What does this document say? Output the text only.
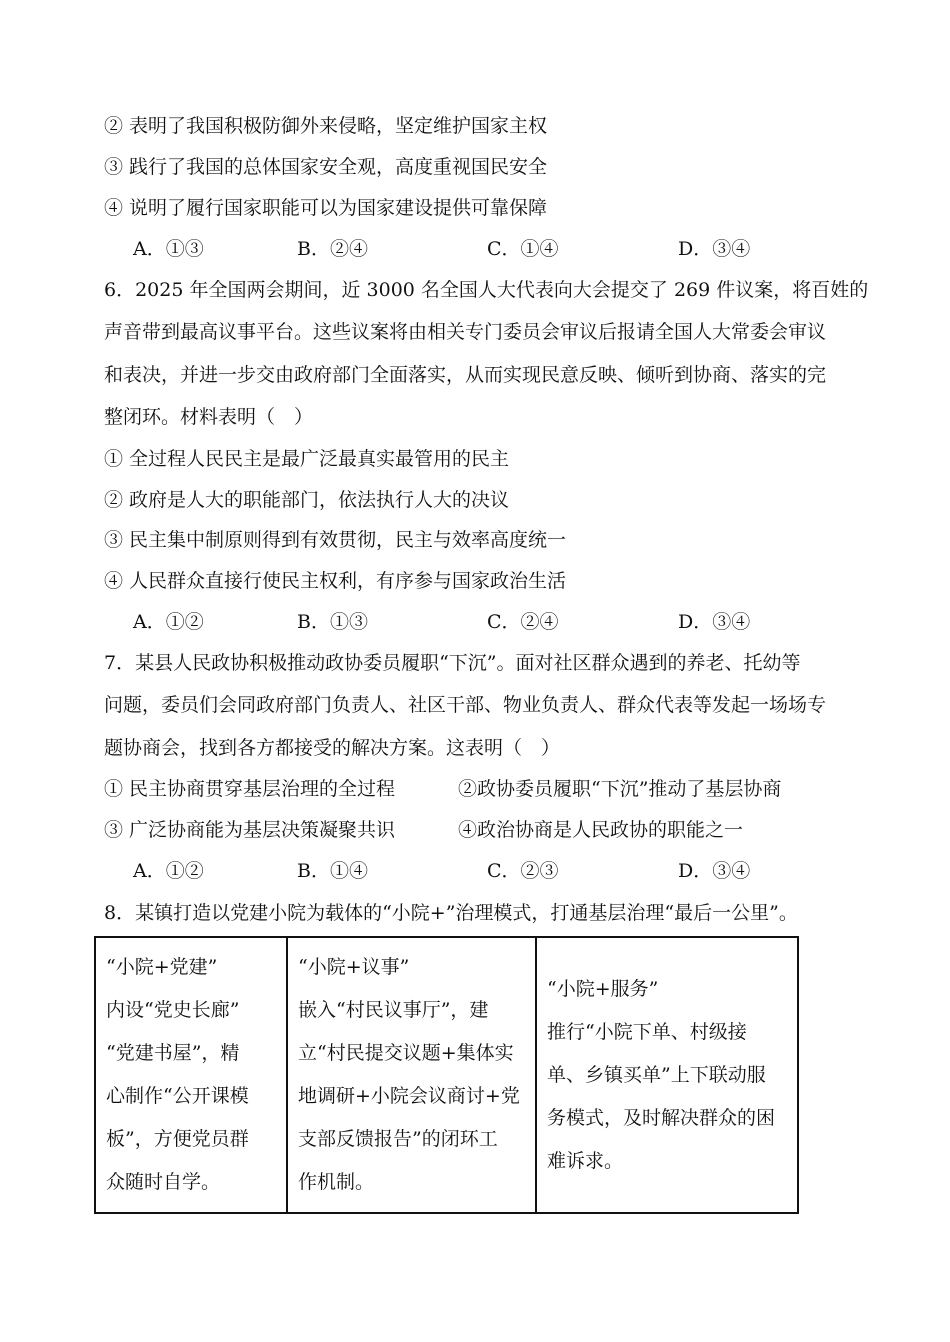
② 表明了我国积极防御外来侵略，坚定维护国家主权
③ 践行了我国的总体国家安全观，高度重视国民安全
④ 说明了履行国家职能可以为国家建设提供可靠保障
A．①③	B．②④	C．①④	D．③④
6．2025 年全国两会期间，近 3000 名全国人大代表向大会提交了 269 件议案，将百姓的
声音带到最高议事平台。这些议案将由相关专门委员会审议后报请全国人大常委会审议
和表决，并进一步交由政府部门全面落实，从而实现民意反映、倾听到协商、落实的完
整闭环。材料表明（　）
① 全过程人民民主是最广泛最真实最管用的民主
② 政府是人大的职能部门，依法执行人大的决议
③ 民主集中制原则得到有效贯彻，民主与效率高度统一
④ 人民群众直接行使民主权利，有序参与国家政治生活
A．①②	B．①③	C．②④	D．③④
7．某县人民政协积极推动政协委员履职“下沉”。面对社区群众遇到的养老、托幼等
问题，委员们会同政府部门负责人、社区干部、物业负责人、群众代表等发起一场场专
题协商会，找到各方都接受的解决方案。这表明（　）
① 民主协商贯穿基层治理的全过程	②政协委员履职“下沉”推动了基层协商
③ 广泛协商能为基层决策凝聚共识	④政治协商是人民政协的职能之一
A．①②	B．①④	C．②③	D．③④
8．某镇打造以党建小院为载体的“小院+”治理模式，打通基层治理“最后一公里”。
“小院+党建”
内设“党史长廊”
“党建书屋”，精
心制作“公开课模
板”，方便党员群
众随时自学。

“小院+议事”
嵌入“村民议事厅”，建
立“村民提交议题+集体实
地调研+小院会议商讨+党
支部反馈报告”的闭环工
作机制。

“小院+服务”
推行“小院下单、村级接
单、乡镇买单”上下联动服
务模式，及时解决群众的困
难诉求。
